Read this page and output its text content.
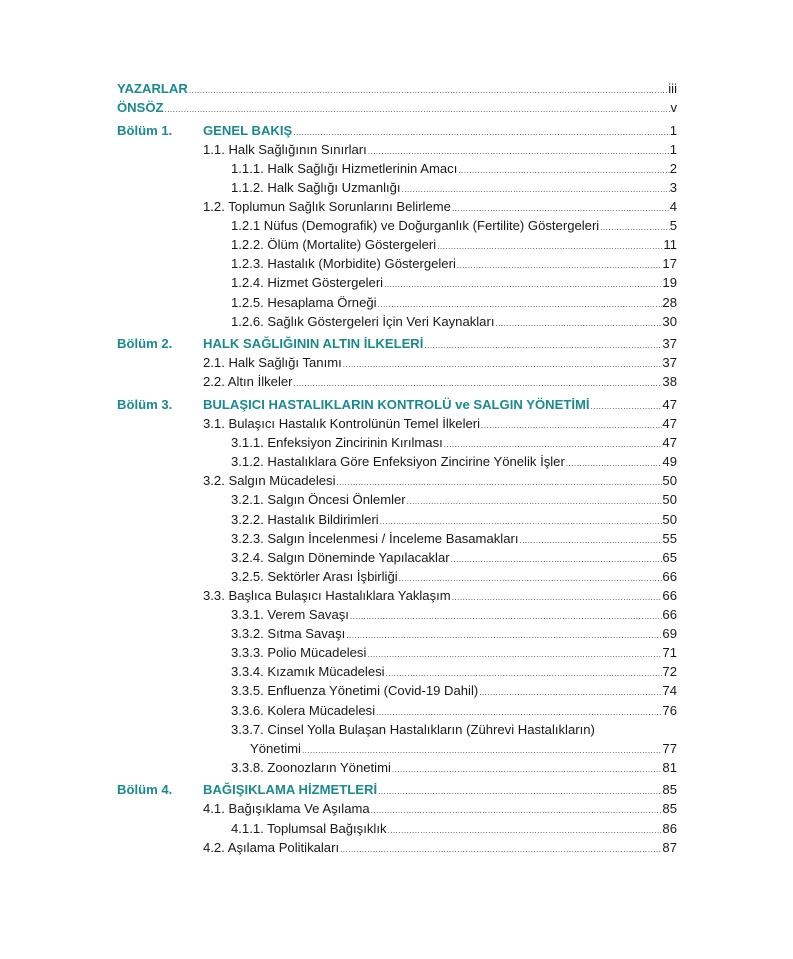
YAZARLAR .....	iii
ÖNSÖZ .....	v
Bölüm 1. GENEL BAKIŞ .....	1
1.1. Halk Sağlığının Sınırları .....	1
1.1.1. Halk Sağlığı Hizmetlerinin Amacı .....	2
1.1.2. Halk Sağlığı Uzmanlığı .....	3
1.2. Toplumun Sağlık Sorunlarını Belirleme .....	4
1.2.1 Nüfus (Demografik) ve Doğurganlık (Fertilite) Göstergeleri .....	5
1.2.2. Ölüm (Mortalite) Göstergeleri .....	11
1.2.3. Hastalık (Morbidite) Göstergeleri .....	17
1.2.4. Hizmet Göstergeleri .....	19
1.2.5. Hesaplama Örneği .....	28
1.2.6. Sağlık Göstergeleri İçin Veri Kaynakları .....	30
Bölüm 2. HALK SAĞLIĞININ ALTIN İLKELERİ .....	37
2.1. Halk Sağlığı Tanımı .....	37
2.2. Altın İlkeler .....	38
Bölüm 3. BULAŞICI HASTALIKLARIN KONTROLÜ ve SALGIN YÖNETİMİ .....	47
3.1. Bulaşıcı Hastalık Kontrolünün Temel İlkeleri .....	47
3.1.1. Enfeksiyon Zincirinin Kırılması .....	47
3.1.2. Hastalıklara Göre Enfeksiyon Zincirine Yönelik İşler .....	49
3.2. Salgın Mücadelesi .....	50
3.2.1. Salgın Öncesi Önlemler .....	50
3.2.2. Hastalık Bildirimleri .....	50
3.2.3. Salgın İncelenmesi / İnceleme Basamakları .....	55
3.2.4. Salgın Döneminde Yapılacaklar .....	65
3.2.5. Sektörler Arası İşbirliği .....	66
3.3. Başlıca Bulaşıcı Hastalıklara Yaklaşım .....	66
3.3.1. Verem Savaşı .....	66
3.3.2. Sıtma Savaşı .....	69
3.3.3. Polio Mücadelesi .....	71
3.3.4. Kızamık Mücadelesi .....	72
3.3.5. Enfluenza Yönetimi (Covid-19 Dahil) .....	74
3.3.6. Kolera Mücadelesi .....	76
3.3.7. Cinsel Yolla Bulaşan Hastalıkların (Zührevi Hastalıkların)
Yönetimi .....	77
3.3.8. Zoonozların Yönetimi .....	81
Bölüm 4. BAĞIŞIKLAMA HİZMETLERİ .....	85
4.1. Bağışıklama Ve Aşılama .....	85
4.1.1. Toplumsal Bağışıklık .....	86
4.2. Aşılama Politikaları .....	87
